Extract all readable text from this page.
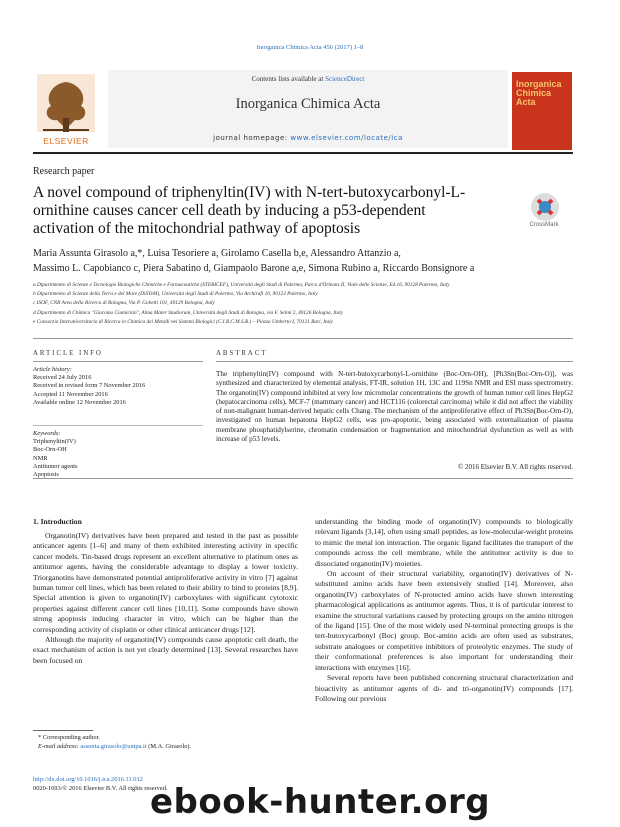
Inorganica Chimica Acta 456 (2017) 1–8
Contents lists available at ScienceDirect
Inorganica Chimica Acta
journal homepage: www.elsevier.com/locate/ica
ELSEVIER
Inorganica Chimica Acta
Research paper
A novel compound of triphenyltin(IV) with N-tert-butoxycarbonyl-L-ornithine causes cancer cell death by inducing a p53-dependent activation of the mitochondrial pathway of apoptosis	CrossMark
Maria Assunta Girasolo a,*, Luisa Tesoriere a, Girolamo Casella b,e, Alessandro Attanzio a,
Massimo L. Capobianco c, Piera Sabatino d, Giampaolo Barone a,e, Simona Rubino a, Riccardo Bonsignore a
a Dipartimento di Scienze e Tecnologie Biologiche Chimiche e Farmaceutiche (STEBICEF), Università degli Studi di Palermo, Parco d'Orleans II, Viale delle Scienze, Ed.16, 90128 Palermo, Italy
b Dipartimento di Scienze della Terra e del Mare (DiSTeM), Università degli Studi di Palermo, Via Archirafi 10, 90123 Palermo, Italy
c ISOF, CNR Area della Ricerca di Bologna, Via P. Gobetti 101, 40129 Bologna, Italy
d Dipartimento di Chimica "Giacomo Ciamician", Alma Mater Studiorum, Università degli Studi di Bologna, via F. Selmi 2, 40126 Bologna, Italy
e Consorzio Interuniversitario di Ricerca in Chimica dei Metalli nei Sistemi Biologici (C.I.R.C.M.S.B.) – Piazza Umberto I, 70121 Bari, Italy
ARTICLE INFO	ABSTRACT
Article history:
Received 24 July 2016
Received in revised form 7 November 2016
Accepted 11 November 2016
Available online 12 November 2016
Keywords:
Triphenyltin(IV)
Boc-Orn-OH
NMR
Antitumor agents
Apoptosis
The triphenyltin(IV) compound with N-tert-butoxycarbonyl-L-ornithine (Boc-Orn-OH), [Ph3Sn(Boc-Orn-O)], was synthesized and characterized by elemental analysis, FT-IR, solution 1H, 13C and 119Sn NMR and ESI mass spectrometry. The organotin(IV) compound inhibited at very low micromolar concentrations the growth of human tumor cell lines HepG2 (hepatocarcinoma cells), MCF-7 (mammary cancer) and HCT116 (colorectal carcinoma) while it did not affect the viability of non-malignant human-derived hepatic cells Chang. The mechanism of the antiproliferative effect of Ph3Sn(Boc-Orn-O), investigated on human hepatoma HepG2 cells, was pro-apoptotic, being associated with externalization of plasma membrane phosphatidylserine, chromatin condensation or fragmentation and mitochondrial dysfunction as well as with increase of p53 levels.
© 2016 Elsevier B.V. All rights reserved.
1. Introduction

Organotin(IV) derivatives have been prepared and tested in the past as possible anticancer agents [1–6] and many of them exhibited interesting activity in specific cancer models. Tin-based drugs represent an excellent alternative to platinum ones as antitumor agents, having the considerable advantage to display a lower toxicity. Triorganotins have demonstrated potential antiproliferative activity in vitro [7] against human tumor cell lines, which has been related to their ability to bind to proteins [8,9]. Special attention is given to organotin(IV) carboxylates with significant cytotoxic properties against different cancer cell lines [10,11]. Some compounds have shown strong apoptosis inducing character in vitro, which can be higher than the corresponding activity of cisplatin or other clinical anticancer drugs [12].

Although the majority of organotin(IV) compounds cause apoptotic cell death, the exact mechanism of action is not yet clearly determined [13]. Several researches have been focused on

understanding the binding mode of organotin(IV) compounds to biologically relevant ligands [3,14], often using small peptides, as low-molecular-weight proteins to mimic the metal ion interaction. The organic ligand facilitates the transport of the compounds across the cell membrane, while the antitumor activity is due to dissociated organotin(IV) moieties.

On account of their structural variability, organotin(IV) derivatives of N-substituted amino acids have been extensively studied [14]. Moreover, also organotin(IV) carboxylates of N-protected amino acids have shown interesting pharmacological applications as antitumor agents. Thus, it is of particular interest to examine the structural variations caused by protecting groups on the amino nitrogen of the ligand [15]. One of the most widely used N-terminal protecting groups is the tert-butoxycarbonyl (Boc) group. Boc-amino acids are often used as substrates, substrate analogues or competitive inhibitors of proteolytic enzymes. The study of their conformational preferences is also important for understanding their interactions with enzymes [16].

Several reports have been published concerning structural characterization and bioactivity as antitumor agents of di- and tri-organotin(IV) compounds [17]. Following our previous

* Corresponding author.
E-mail address: assunta.girasolo@unipa.it (M.A. Girasolo).
http://dx.doi.org/10.1016/j.ica.2016.11.012
0020-1693/© 2016 Elsevier B.V. All rights reserved.
ebook-hunter.org
